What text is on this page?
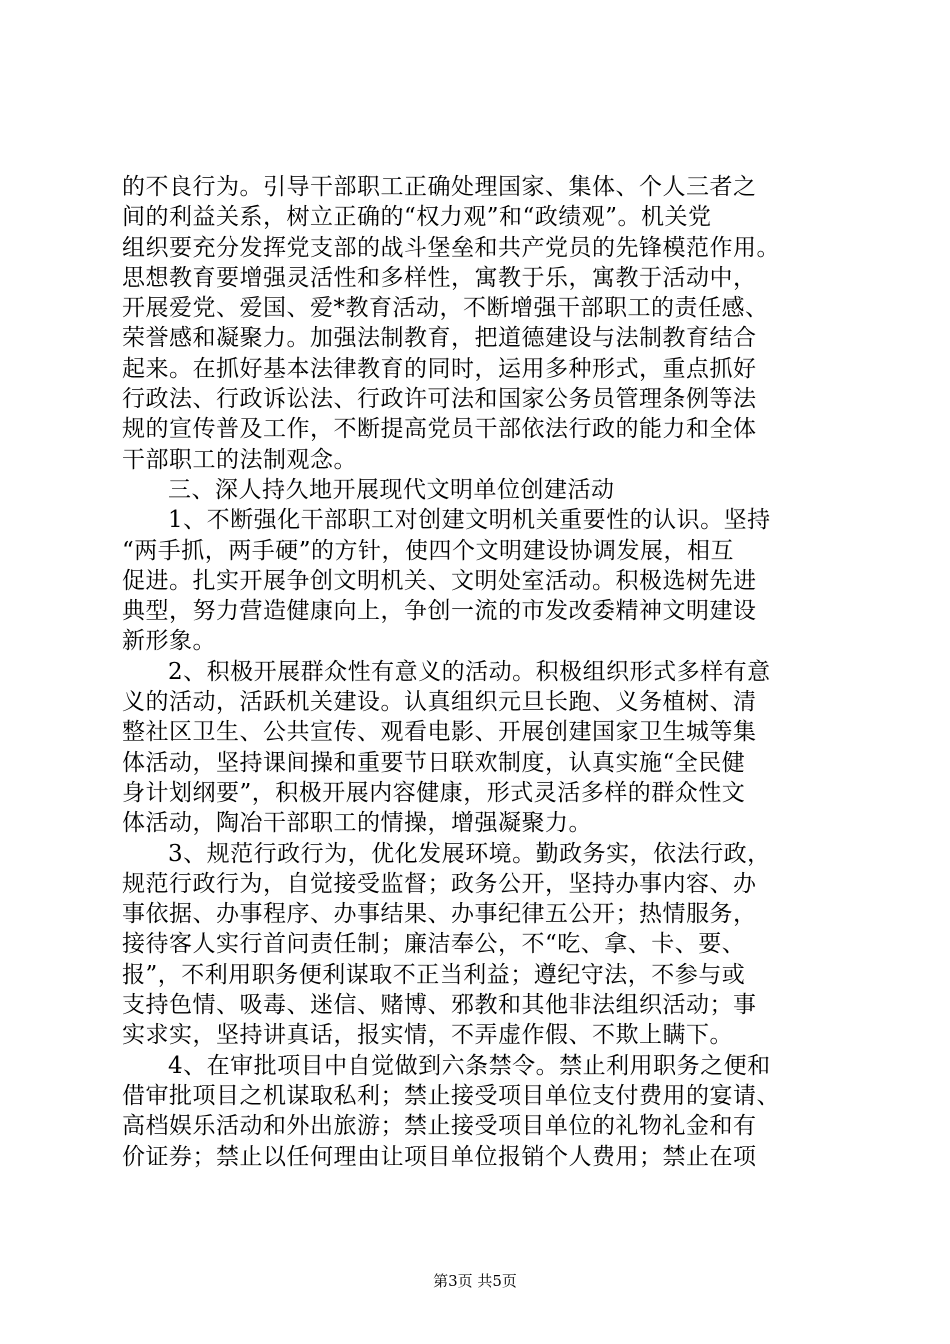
的不良行为。引导干部职工正确处理国家、集体、个人三者之
间的利益关系，树立正确的“权力观”和“政绩观”。机关党
组织要充分发挥党支部的战斗堡垒和共产党员的先锋模范作用。
思想教育要增强灵活性和多样性，寓教于乐，寓教于活动中，
开展爱党、爱国、爱*教育活动，不断增强干部职工的责任感、
荣誉感和凝聚力。加强法制教育，把道德建设与法制教育结合
起来。在抓好基本法律教育的同时，运用多种形式，重点抓好
行政法、行政诉讼法、行政许可法和国家公务员管理条例等法
规的宣传普及工作，不断提高党员干部依法行政的能力和全体
干部职工的法制观念。
三、深人持久地开展现代文明单位创建活动
1、不断强化干部职工对创建文明机关重要性的认识。坚持
“两手抓，两手硬”的方针，使四个文明建设协调发展，相互
促进。扎实开展争创文明机关、文明处室活动。积极选树先进
典型，努力营造健康向上，争创一流的市发改委精神文明建设
新形象。
2、积极开展群众性有意义的活动。积极组织形式多样有意
义的活动，活跃机关建设。认真组织元旦长跑、义务植树、清
整社区卫生、公共宣传、观看电影、开展创建国家卫生城等集
体活动，坚持课间操和重要节日联欢制度，认真实施“全民健
身计划纲要”，积极开展内容健康，形式灵活多样的群众性文
体活动，陶冶干部职工的情操，增强凝聚力。
3、规范行政行为，优化发展环境。勤政务实，依法行政，
规范行政行为，自觉接受监督；政务公开，坚持办事内容、办
事依据、办事程序、办事结果、办事纪律五公开；热情服务，
接待客人实行首问责任制；廉洁奉公，不“吃、拿、卡、要、
报”，不利用职务便利谋取不正当利益；遵纪守法，不参与或
支持色情、吸毒、迷信、赌博、邪教和其他非法组织活动；事
实求实，坚持讲真话，报实情，不弄虚作假、不欺上瞒下。
4、在审批项目中自觉做到六条禁令。禁止利用职务之便和
借审批项目之机谋取私利；禁止接受项目单位支付费用的宴请、
高档娱乐活动和外出旅游；禁止接受项目单位的礼物礼金和有
价证券；禁止以任何理由让项目单位报销个人费用；禁止在项
第3页 共5页
